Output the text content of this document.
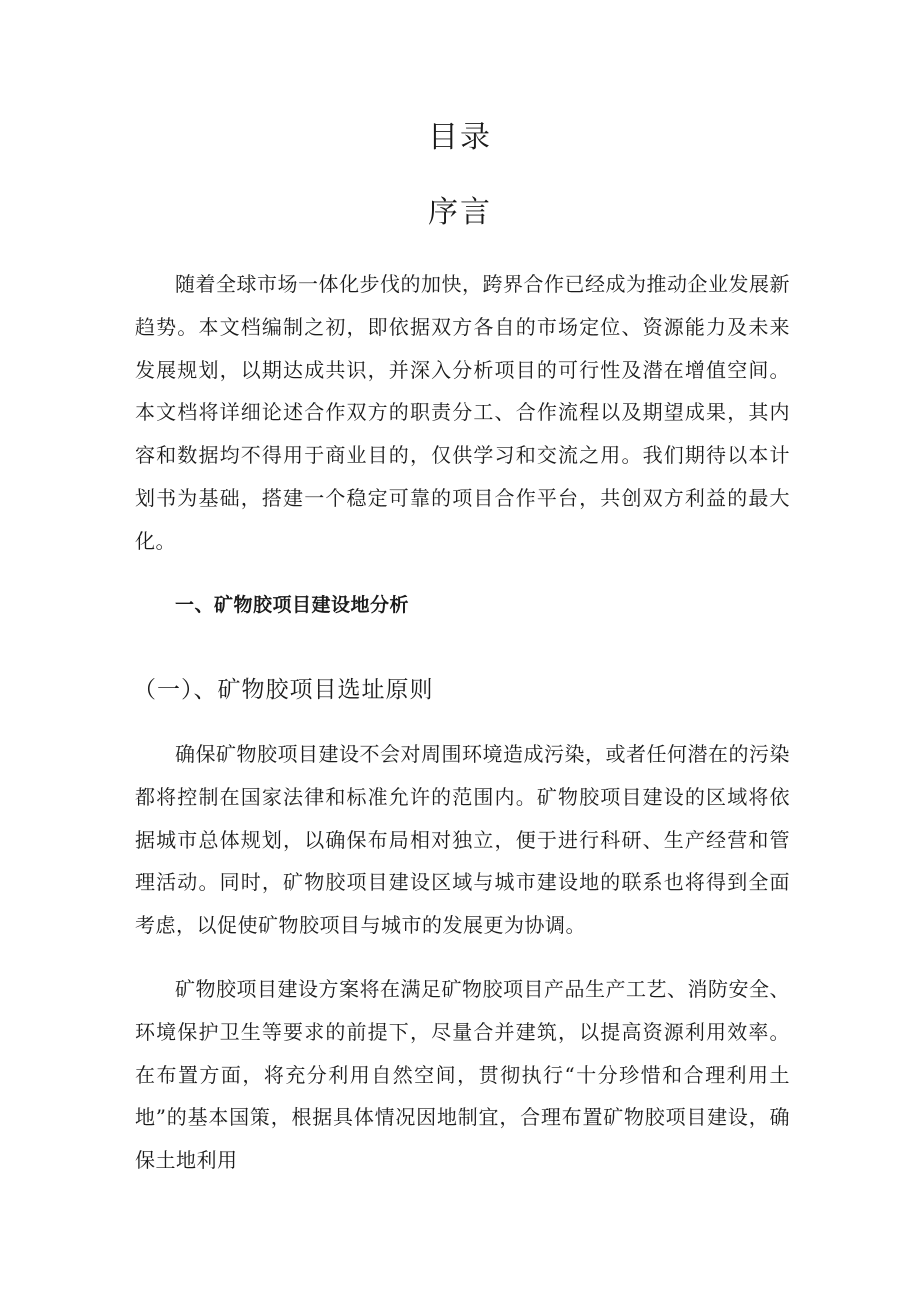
目录
序言

随着全球市场一体化步伐的加快，跨界合作已经成为推动企业发展新趋势。本文档编制之初，即依据双方各自的市场定位、资源能力及未来发展规划，以期达成共识，并深入分析项目的可行性及潜在增值空间。本文档将详细论述合作双方的职责分工、合作流程以及期望成果，其内容和数据均不得用于商业目的，仅供学习和交流之用。我们期待以本计划书为基础，搭建一个稳定可靠的项目合作平台，共创双方利益的最大化。

一、矿物胶项目建设地分析
（一）、矿物胶项目选址原则

确保矿物胶项目建设不会对周围环境造成污染，或者任何潜在的污染都将控制在国家法律和标准允许的范围内。矿物胶项目建设的区域将依据城市总体规划，以确保布局相对独立，便于进行科研、生产经营和管理活动。同时，矿物胶项目建设区域与城市建设地的联系也将得到全面考虑，以促使矿物胶项目与城市的发展更为协调。

矿物胶项目建设方案将在满足矿物胶项目产品生产工艺、消防安全、环境保护卫生等要求的前提下，尽量合并建筑，以提高资源利用效率。在布置方面，将充分利用自然空间，贯彻执行“十分珍惜和合理利用土地”的基本国策，根据具体情况因地制宜，合理布置矿物胶项目建设，确保土地利用
